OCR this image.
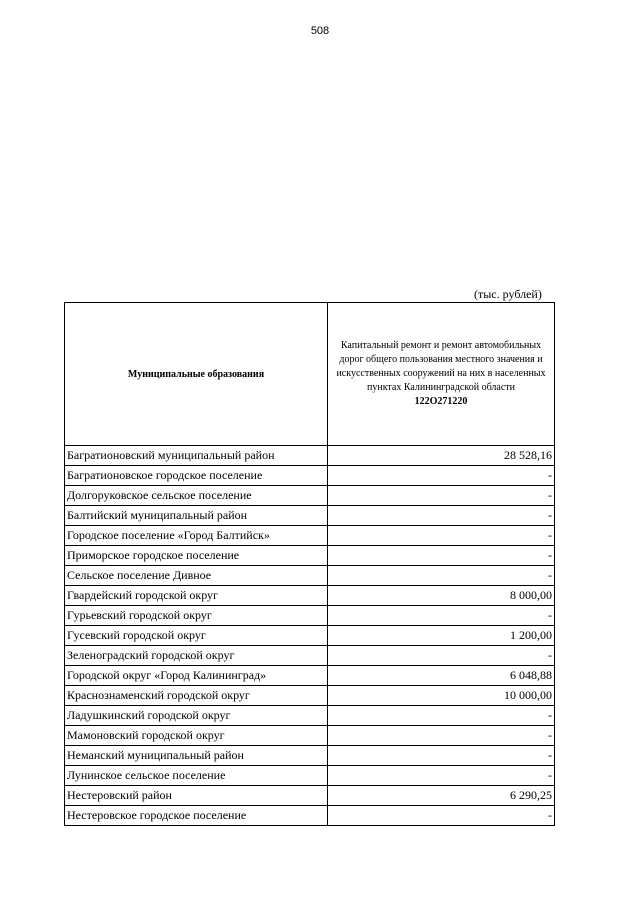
508
(тыс. рублей)
Муниципальные образования	Капитальный ремонт и ремонт автомобильных дорог общего пользования местного значения и искусственных сооружений на них в населенных пунктах Калининградской области
122O271220

Багратионовский муниципальный район	28 528,16
Багратионовское городское поселение	-
Долгоруковское сельское поселение	-
Балтийский муниципальный район	-
Городское поселение «Город Балтийск»	-
Приморское городское поселение	-
Сельское поселение Дивное	-
Гвардейский городской округ	8 000,00
Гурьевский городской округ	-
Гусевский городской округ	1 200,00
Зеленоградский городской округ	-
Городской округ «Город Калининград»	6 048,88
Краснознаменский городской округ	10 000,00
Ладушкинский городской округ	-
Мамоновский городской округ	-
Неманский муниципальный район	-
Лунинское сельское поселение	-
Нестеровский район	6 290,25
Нестеровское городское поселение	-
